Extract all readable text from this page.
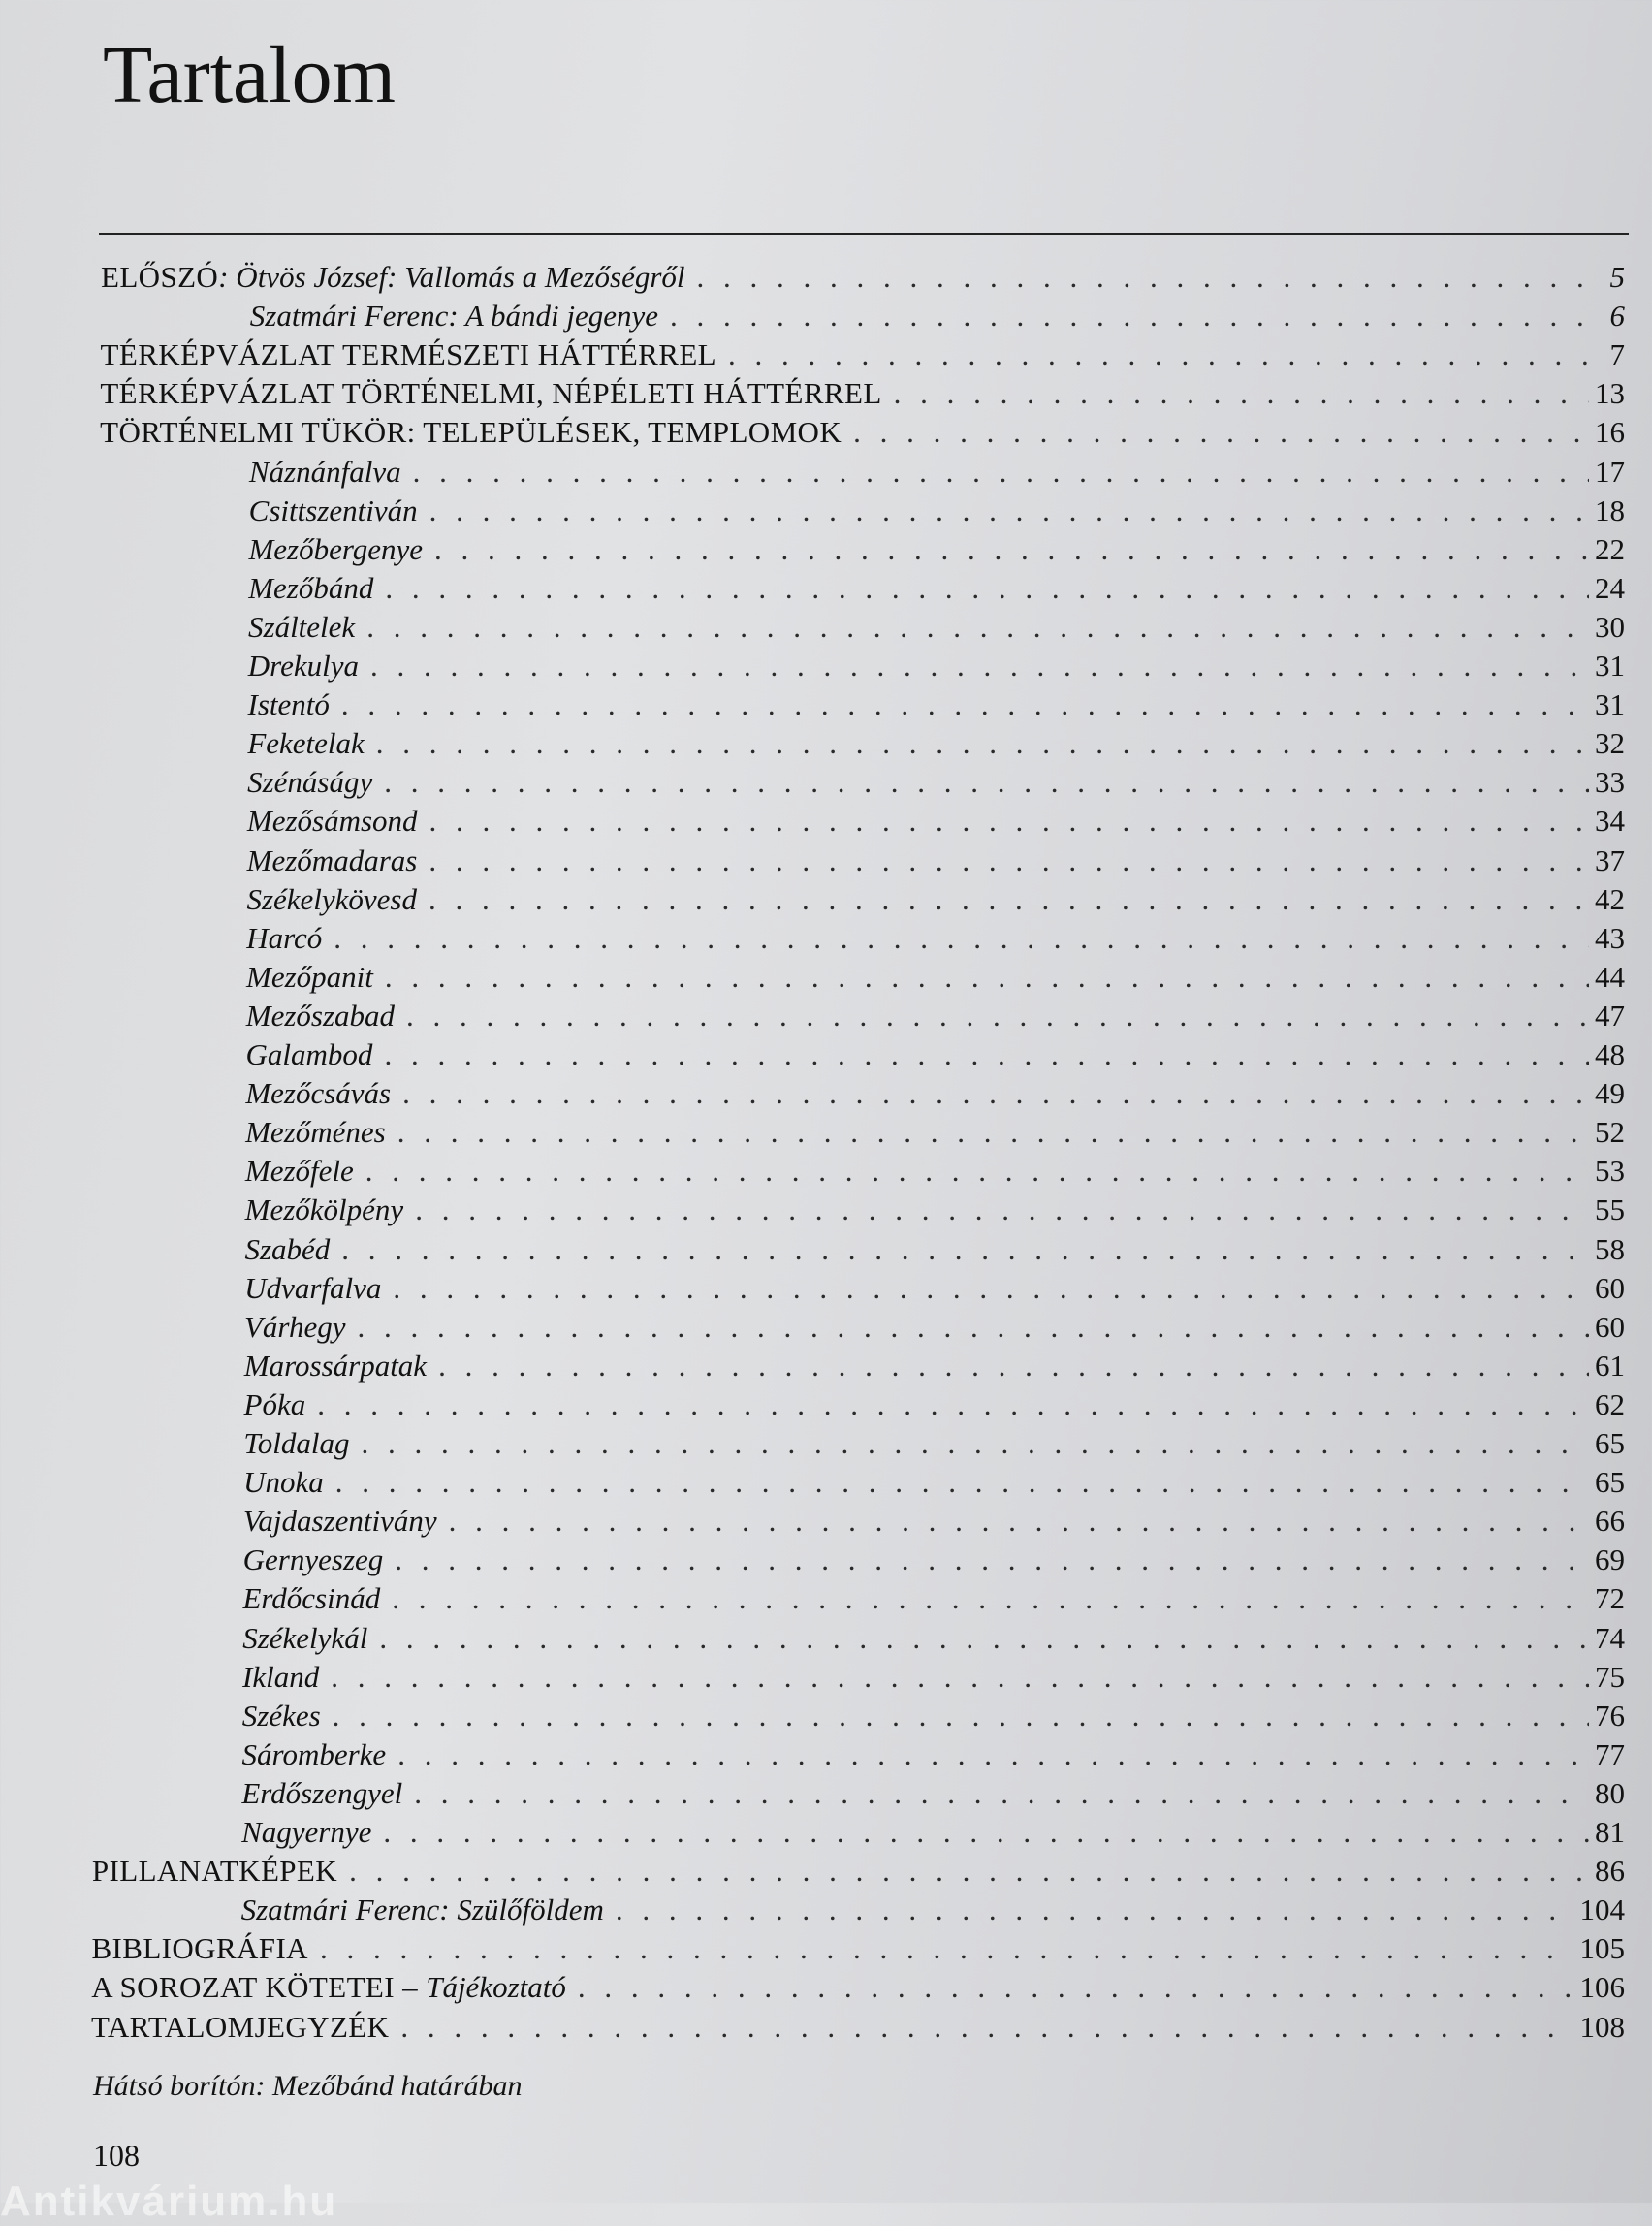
Tartalom
ELŐSZÓ: Ötvös József: Vallomás a Mezőségről . . .	5
Szatmári Ferenc: A bándi jegenye . . .	6
TÉRKÉPVÁZLAT TERMÉSZETI HÁTTÉRREL . . .	7
TÉRKÉPVÁZLAT TÖRTÉNELMI, NÉPÉLETI HÁTTÉRREL . . .	13
TÖRTÉNELMI TÜKÖR: TELEPÜLÉSEK, TEMPLOMOK . . .	16
Náznánfalva . . .	17
Csittszentiván . . .	18
Mezőbergenye . . .	22
Mezőbánd . . .	24
Száltelek . . .	30
Drekulya . . .	31
Istentó . . .	31
Feketelak . . .	32
Szénáságy . . .	33
Mezősámsond . . .	34
Mezőmadaras . . .	37
Székelykövesd . . .	42
Harcó . . .	43
Mezőpanit . . .	44
Mezőszabad . . .	47
Galambod . . .	48
Mezőcsávás . . .	49
Mezőménes . . .	52
Mezőfele . . .	53
Mezőkölpény . . .	55
Szabéd . . .	58
Udvarfalva . . .	60
Várhegy . . .	60
Marossárpatak . . .	61
Póka . . .	62
Toldalag . . .	65
Unoka . . .	65
Vajdaszentivány . . .	66
Gernyeszeg . . .	69
Erdőcsinád . . .	72
Székelykál . . .	74
Ikland . . .	75
Székes . . .	76
Sáromberke . . .	77
Erdőszengyel . . .	80
Nagyernye . . .	81
PILLANATKÉPEK . . .	86
Szatmári Ferenc: Szülőföldem . . .	104
BIBLIOGRÁFIA . . .	105
A SOROZAT KÖTETEI – Tájékoztató . . .	106
TARTALOMJEGYZÉK . . .	108
Hátsó borítón: Mezőbánd határában
108
Antikvárium.hu
